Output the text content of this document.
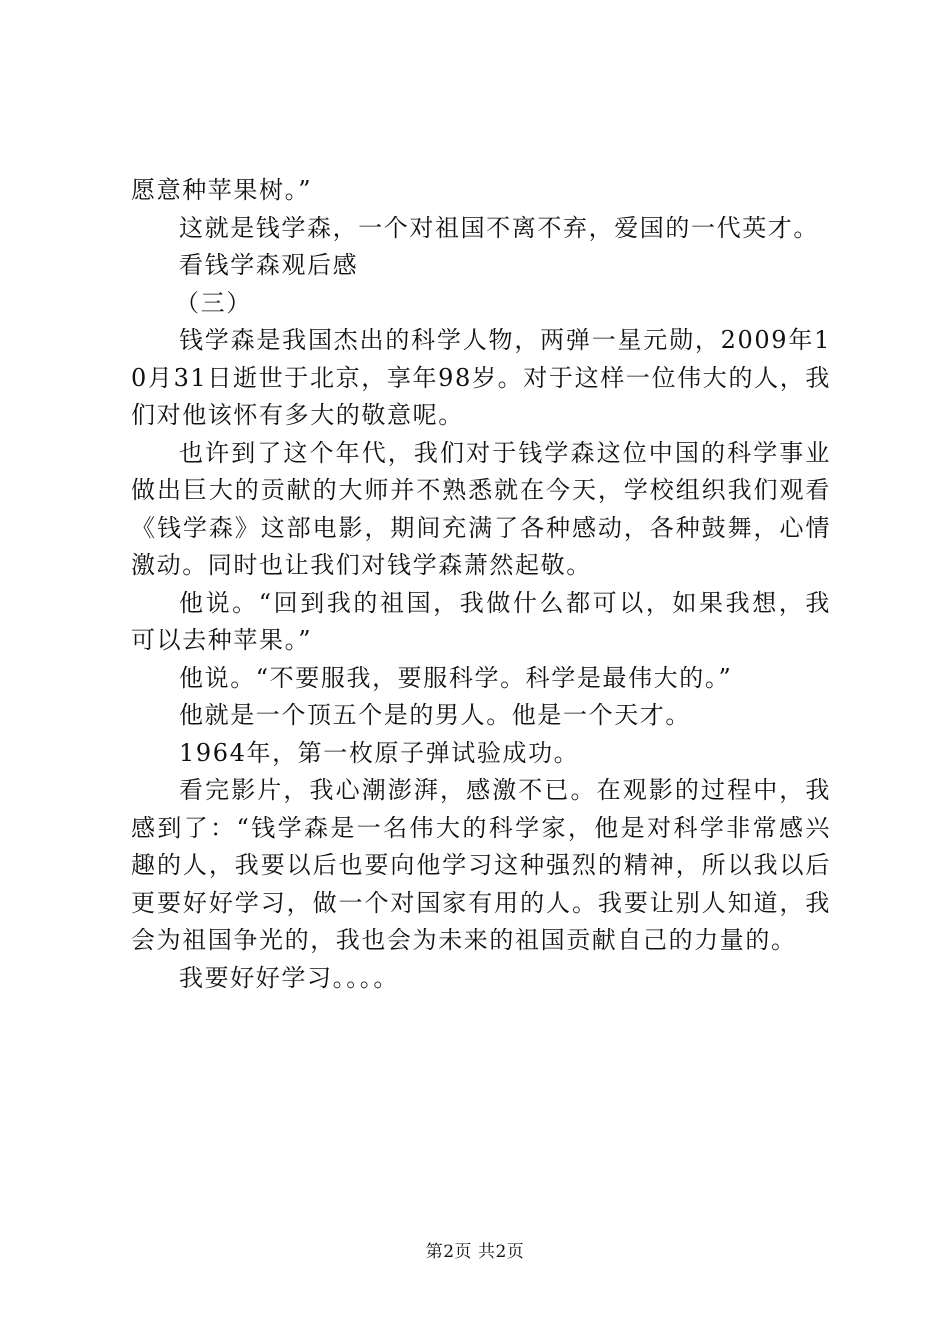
愿意种苹果树。”

这就是钱学森，一个对祖国不离不弃，爱国的一代英才。

看钱学森观后感

（三）

钱学森是我国杰出的科学人物，两弹一星元勋，2009年10月31日逝世于北京，享年98岁。对于这样一位伟大的人，我们对他该怀有多大的敬意呢。

也许到了这个年代，我们对于钱学森这位中国的科学事业做出巨大的贡献的大师并不熟悉就在今天，学校组织我们观看《钱学森》这部电影，期间充满了各种感动，各种鼓舞，心情激动。同时也让我们对钱学森萧然起敬。

他说。“回到我的祖国，我做什么都可以，如果我想，我可以去种苹果。”

他说。“不要服我，要服科学。科学是最伟大的。”

他就是一个顶五个是的男人。他是一个天才。

1964年，第一枚原子弹试验成功。

看完影片，我心潮澎湃，感激不已。在观影的过程中，我感到了：“钱学森是一名伟大的科学家，他是对科学非常感兴趣的人，我要以后也要向他学习这种强烈的精神，所以我以后更要好好学习，做一个对国家有用的人。我要让别人知道，我会为祖国争光的，我也会为未来的祖国贡献自己的力量的。

我要好好学习。。。。

第2页 共2页
